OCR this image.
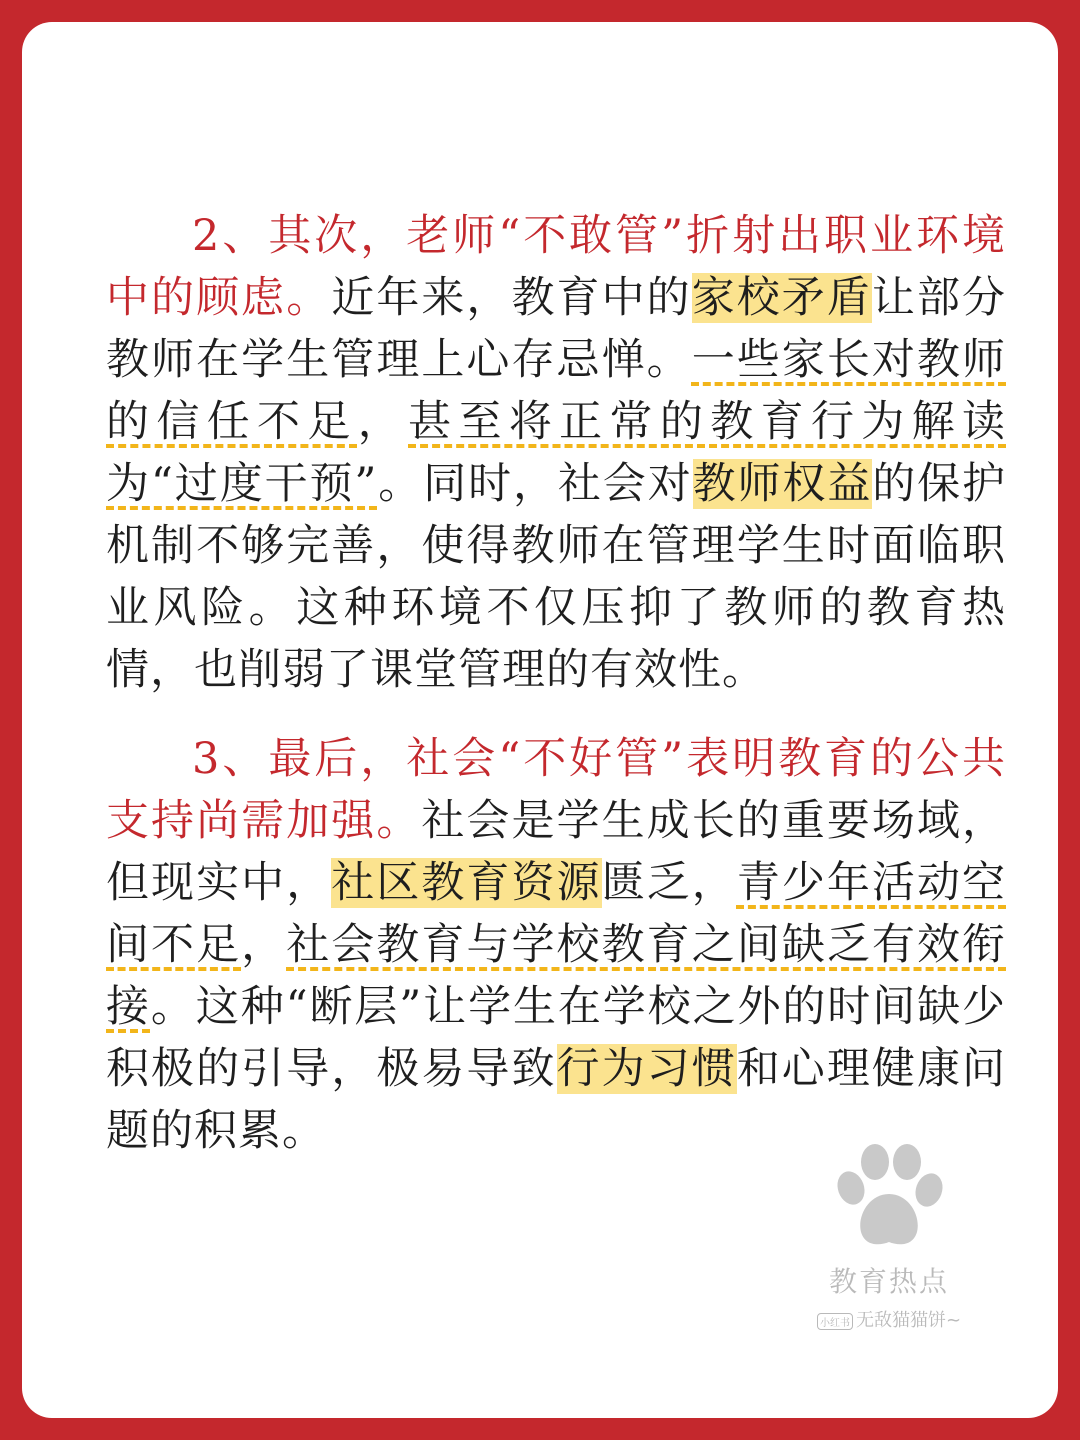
2、其次，老师“不敢管”折射出职业环境中的顾虑。近年来，教育中的家校矛盾让部分教师在学生管理上心存忌惮。一些家长对教师的信任不足，甚至将正常的教育行为解读为“过度干预”。同时，社会对教师权益的保护机制不够完善，使得教师在管理学生时面临职业风险。这种环境不仅压抑了教师的教育热情，也削弱了课堂管理的有效性。
3、最后，社会“不好管”表明教育的公共支持尚需加强。社会是学生成长的重要场域，但现实中，社区教育资源匮乏，青少年活动空间不足，社会教育与学校教育之间缺乏有效衔接。这种“断层”让学生在学校之外的时间缺少积极的引导，极易导致行为习惯和心理健康问题的积累。
教育热点
小红书 无敌猫猫饼~
